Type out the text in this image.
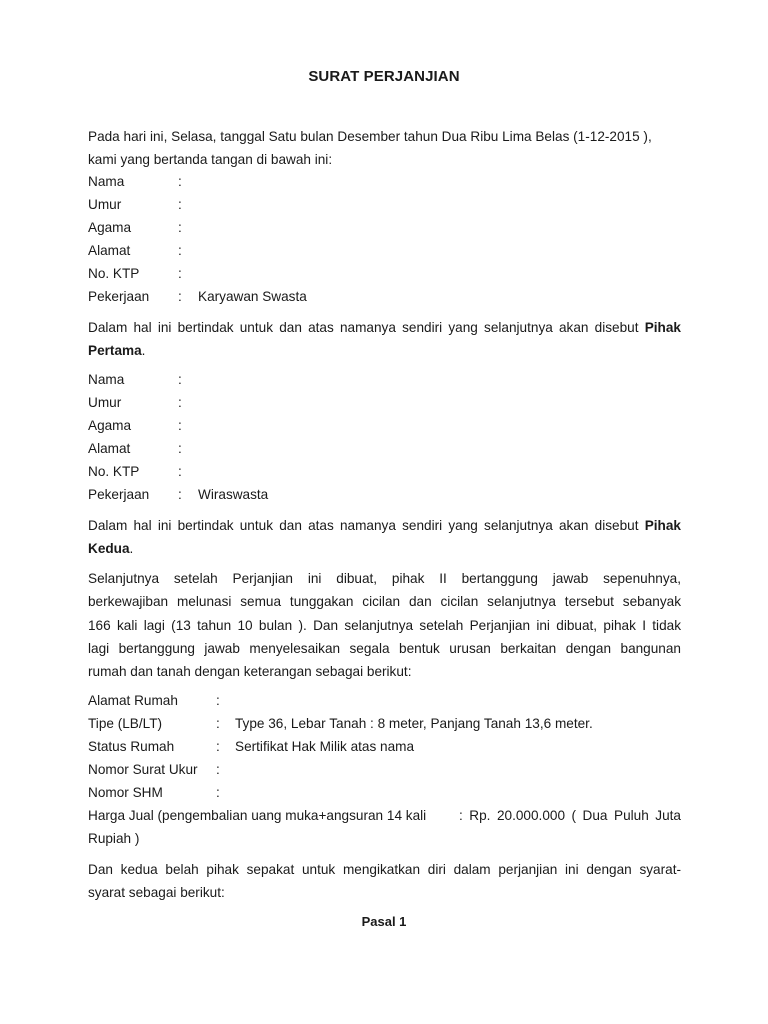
SURAT PERJANJIAN
Pada hari ini, Selasa, tanggal Satu bulan Desember tahun Dua Ribu Lima Belas (1-12-2015 ),
kami yang bertanda tangan di bawah ini:
Nama	:
Umur	:
Agama	:
Alamat	:
No. KTP	:
Pekerjaan : Karyawan Swasta
Dalam hal ini bertindak untuk dan atas namanya sendiri yang selanjutnya akan disebut Pihak
Pertama.
Nama	:
Umur	:
Agama	:
Alamat	:
No. KTP	:
Pekerjaan : Wiraswasta
Dalam hal ini bertindak untuk dan atas namanya sendiri yang selanjutnya akan disebut Pihak
Kedua.
Selanjutnya setelah Perjanjian ini dibuat, pihak II bertanggung jawab sepenuhnya,
berkewajiban melunasi semua tunggakan cicilan dan cicilan selanjutnya tersebut sebanyak
166 kali lagi (13 tahun 10 bulan ). Dan selanjutnya setelah Perjanjian ini dibuat, pihak I tidak
lagi bertanggung jawab menyelesaikan segala bentuk urusan berkaitan dengan bangunan
rumah dan tanah dengan keterangan sebagai berikut:
Alamat Rumah	:
Tipe (LB/LT)	: Type 36, Lebar Tanah : 8 meter, Panjang Tanah 13,6 meter.
Status Rumah	: Sertifikat Hak Milik atas nama
Nomor Surat Ukur :
Nomor SHM	:
Harga Jual (pengembalian uang muka+angsuran 14 kali : Rp. 20.000.000 ( Dua Puluh Juta
Rupiah )
Dan kedua belah pihak sepakat untuk mengikatkan diri dalam perjanjian ini dengan syarat-
syarat sebagai berikut:
Pasal 1
